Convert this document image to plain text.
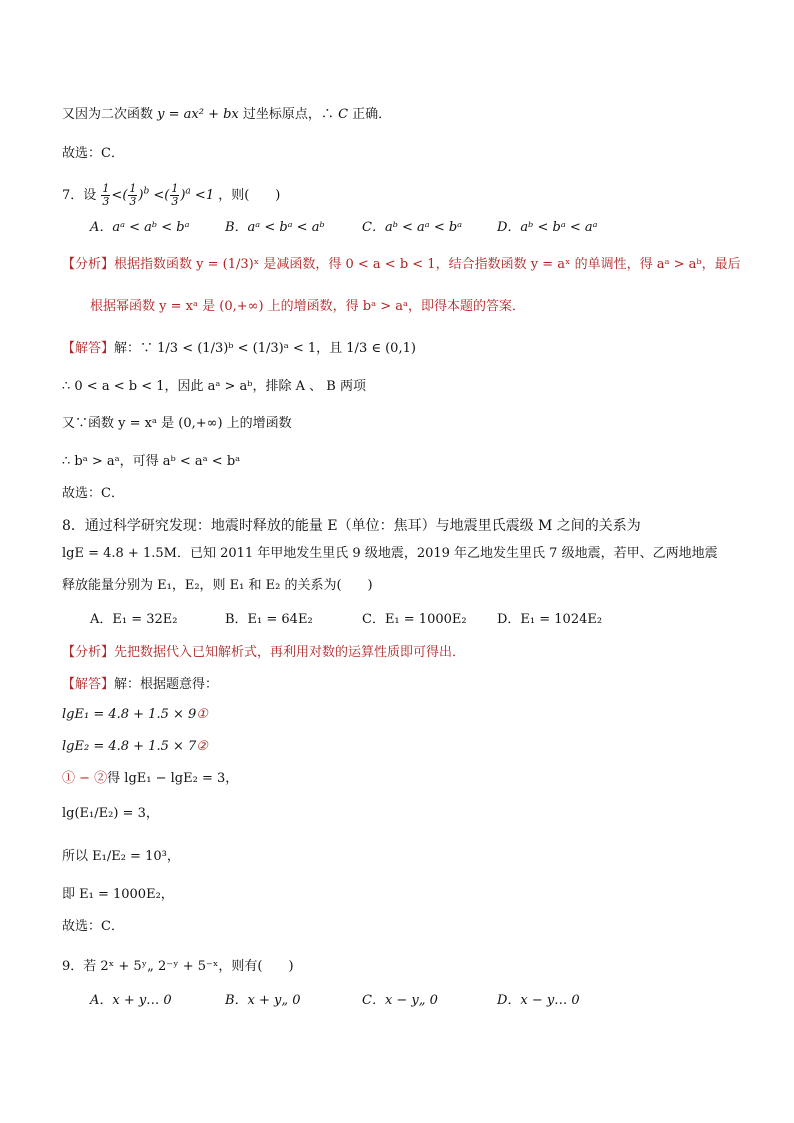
又因为二次函数 y = ax² + bx 过坐标原点，∴ C 正确．
故选：C．
7．设 $\frac{1}{3}$ <( $\frac{1}{3} )^b$ <( $\frac{1}{3} )^a <1$ ，则(　　)
A．aᵃ < aᵇ < bᵃ	B．aᵃ < bᵃ < aᵇ	C．aᵇ < aᵃ < bᵃ	D．aᵇ < bᵃ < aᵃ
【分析】根据指数函数 y = (1/3)ˣ 是减函数，得 0 < a < b < 1，结合指数函数 y = aˣ 的单调性，得 aᵃ > aᵇ，最后
根据幂函数 y = xᵃ 是 (0,+∞) 上的增函数，得 bᵃ > aᵃ，即得本题的答案．
【解答】解：∵ 1/3 < (1/3)ᵇ < (1/3)ᵃ < 1，且 1/3 ∈ (0,1)
∴ 0 < a < b < 1，因此 aᵃ > aᵇ，排除 A 、 B 两项
又∵函数 y = xᵃ 是 (0,+∞) 上的增函数
∴ bᵃ > aᵃ，可得 aᵇ < aᵃ < bᵃ
故选：C．
8．通过科学研究发现：地震时释放的能量 E（单位：焦耳）与地震里氏震级 M 之间的关系为
lgE = 4.8 + 1.5M．已知 2011 年甲地发生里氏 9 级地震，2019 年乙地发生里氏 7 级地震，若甲、乙两地地震
释放能量分别为 E₁，E₂，则 E₁ 和 E₂ 的关系为(　　)
A．E₁ = 32E₂	B．E₁ = 64E₂	C．E₁ = 1000E₂ D．E₁ = 1024E₂
【分析】先把数据代入已知解析式，再利用对数的运算性质即可得出．
【解答】解：根据题意得：
lgE₁ = 4.8 + 1.5 × 9①
lgE₂ = 4.8 + 1.5 × 7②
① − ②得 lgE₁ − lgE₂ = 3，
lg(E₁/E₂) = 3，
所以 E₁/E₂ = 10³，
即 E₁ = 1000E₂，
故选：C．
9．若 2ˣ + 5ʸ„ 2⁻ʸ + 5⁻ˣ，则有(　　)
A．x + y… 0	B．x + y„ 0	C．x − y„ 0	D．x − y… 0
